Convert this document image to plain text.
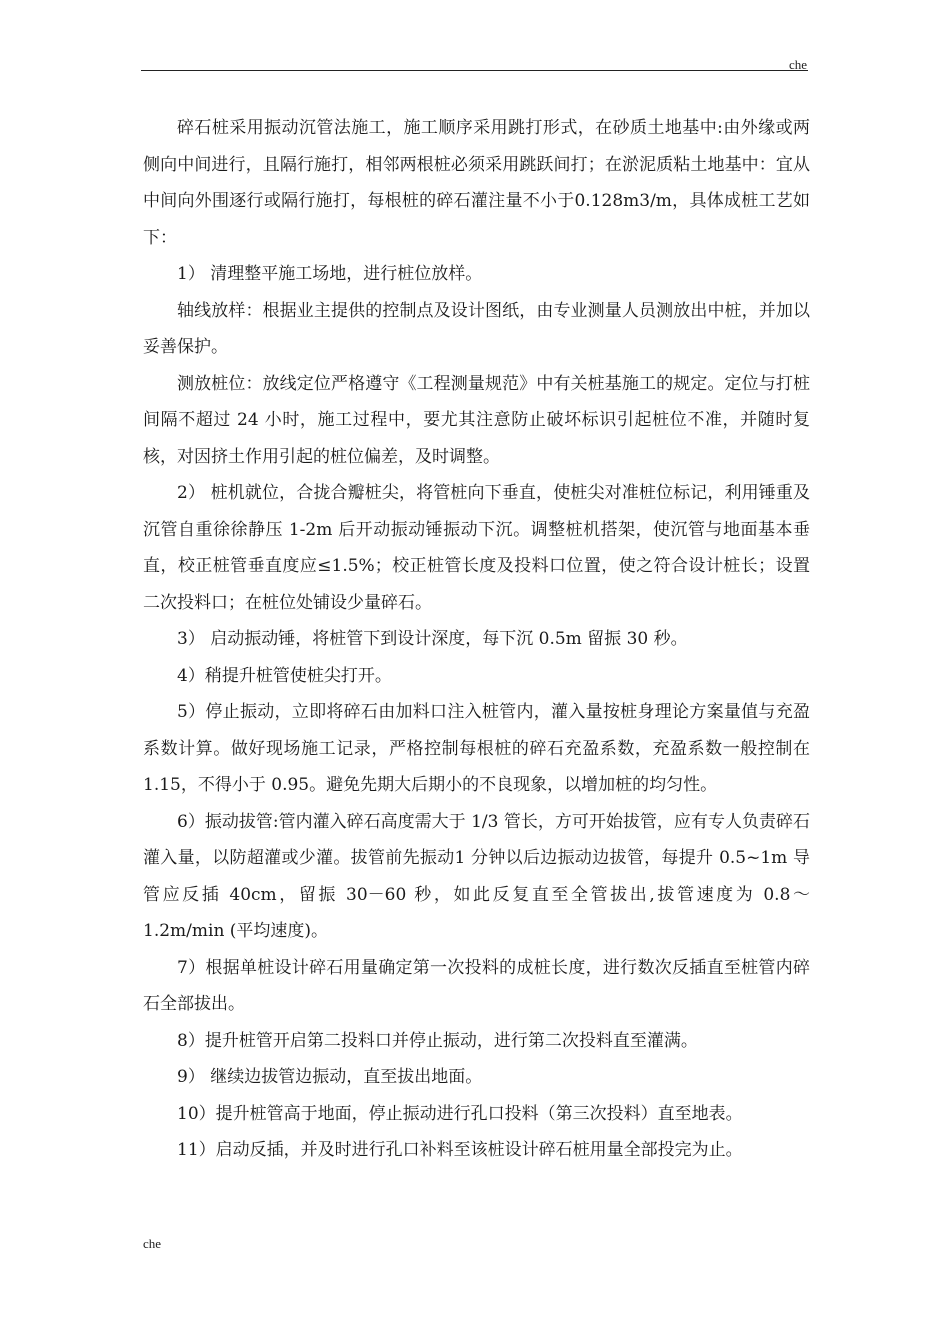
che

碎石桩采用振动沉管法施工，施工顺序采用跳打形式，在砂质土地基中:由外缘或两侧向中间进行，且隔行施打，相邻两根桩必须采用跳跃间打；在淤泥质粘土地基中：宜从中间向外围逐行或隔行施打，每根桩的碎石灌注量不小于0.128m3/m，具体成桩工艺如下：

1） 清理整平施工场地，进行桩位放样。

轴线放样：根据业主提供的控制点及设计图纸，由专业测量人员测放出中桩，并加以妥善保护。

测放桩位：放线定位严格遵守《工程测量规范》中有关桩基施工的规定。定位与打桩间隔不超过 24 小时，施工过程中，要尤其注意防止破坏标识引起桩位不准，并随时复核，对因挤土作用引起的桩位偏差，及时调整。

2） 桩机就位，合拢合瓣桩尖，将管桩向下垂直，使桩尖对准桩位标记，利用锤重及沉管自重徐徐静压 1-2m 后开动振动锤振动下沉。调整桩机搭架，使沉管与地面基本垂直，校正桩管垂直度应≤1.5%；校正桩管长度及投料口位置，使之符合设计桩长；设置二次投料口；在桩位处铺设少量碎石。

3） 启动振动锤，将桩管下到设计深度，每下沉 0.5m 留振 30 秒。

4）稍提升桩管使桩尖打开。

5）停止振动，立即将碎石由加料口注入桩管内，灌入量按桩身理论方案量值与充盈系数计算。做好现场施工记录，严格控制每根桩的碎石充盈系数，充盈系数一般控制在 1.15，不得小于 0.95。避免先期大后期小的不良现象，以增加桩的均匀性。

6）振动拔管:管内灌入碎石高度需大于 1/3 管长，方可开始拔管，应有专人负责碎石灌入量，以防超灌或少灌。拔管前先振动1 分钟以后边振动边拔管，每提升 0.5~1m 导管应反插 40cm，留振 30－60 秒，如此反复直至全管拔出,拔管速度为 0.8～1.2m/min (平均速度)。

7）根据单桩设计碎石用量确定第一次投料的成桩长度，进行数次反插直至桩管内碎石全部拔出。

8）提升桩管开启第二投料口并停止振动，进行第二次投料直至灌满。

9） 继续边拔管边振动，直至拔出地面。

10）提升桩管高于地面，停止振动进行孔口投料（第三次投料）直至地表。

11）启动反插，并及时进行孔口补料至该桩设计碎石桩用量全部投完为止。

che
